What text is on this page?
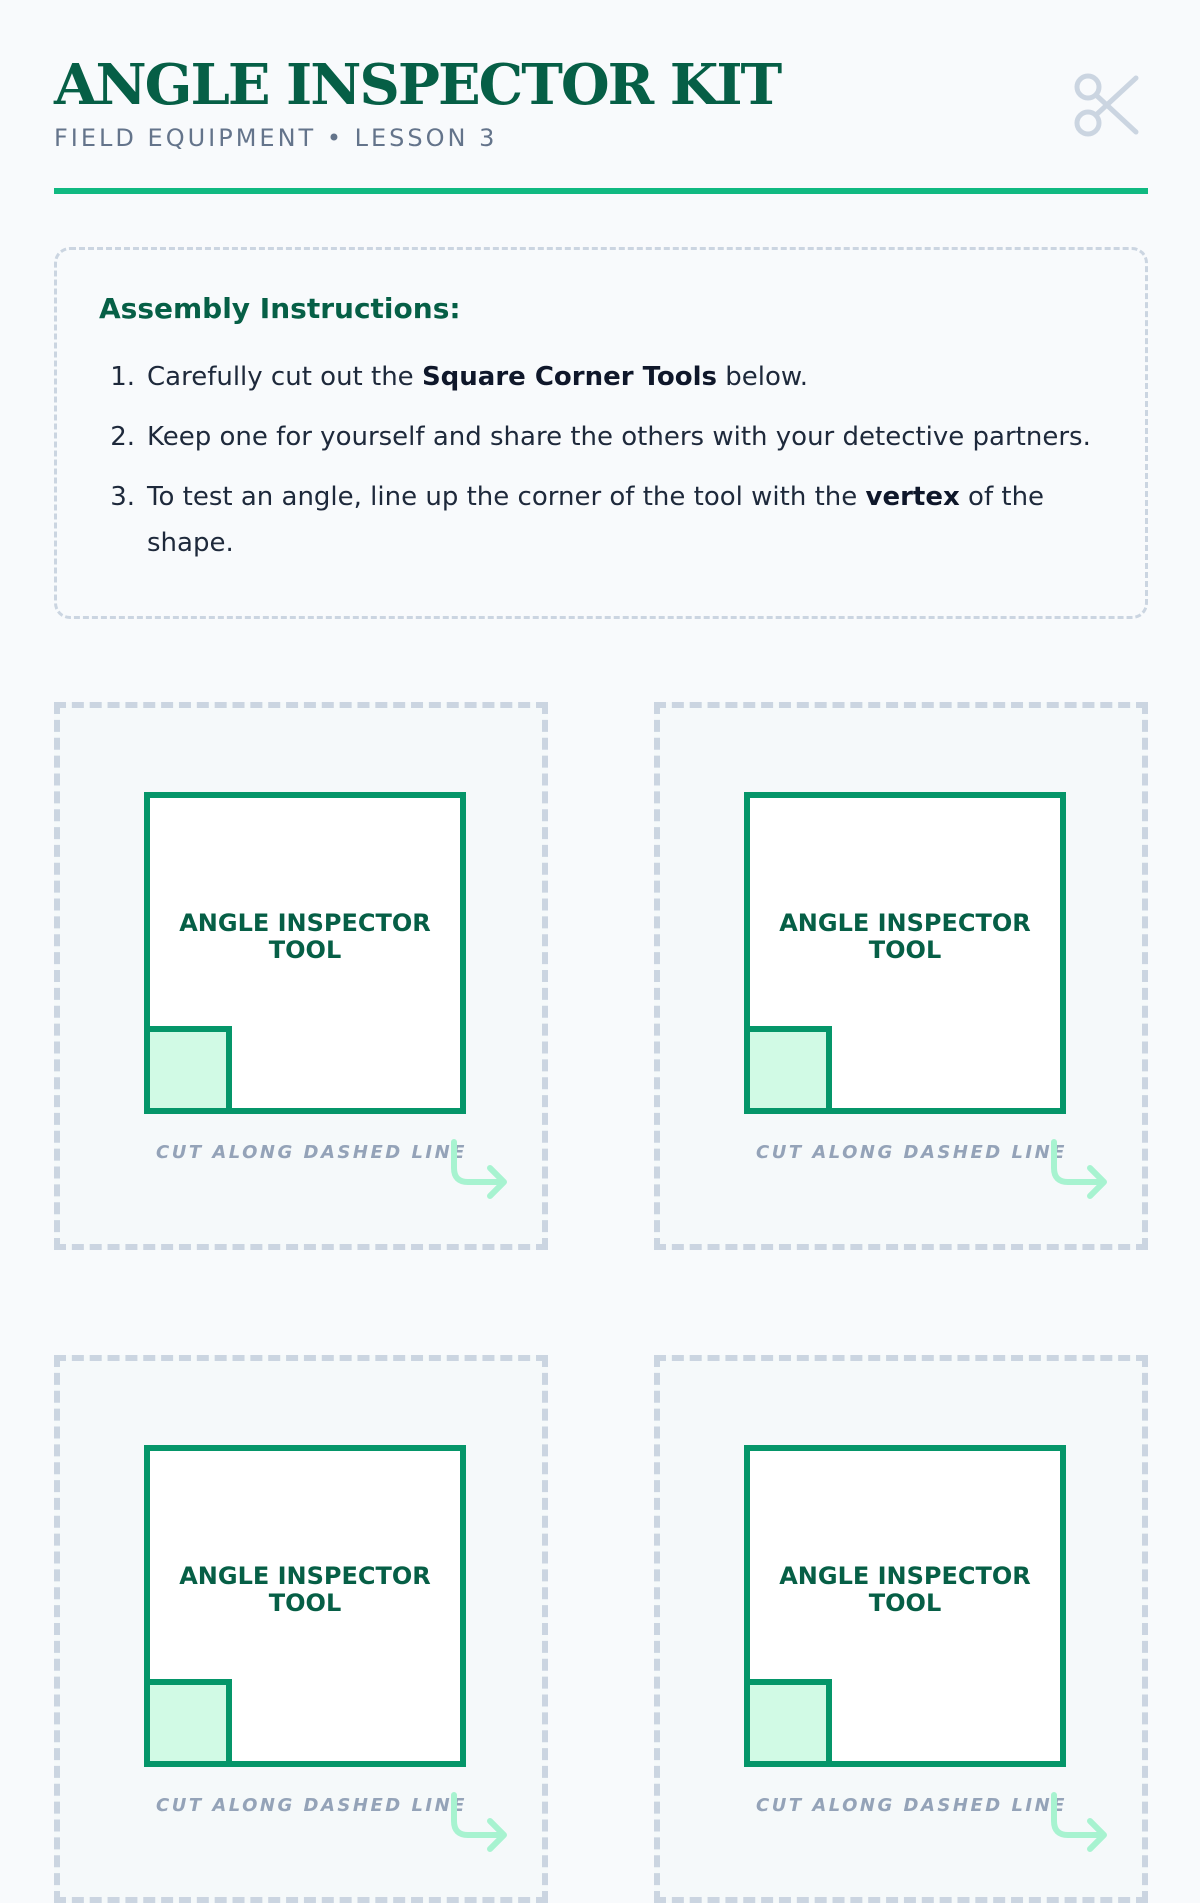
ANGLE INSPECTOR KIT
FIELD EQUIPMENT • LESSON 3
Assembly Instructions:
1. Carefully cut out the Square Corner Tools below.
2. Keep one for yourself and share the others with your detective partners.
3. To test an angle, line up the corner of the tool with the vertex of the shape.
ANGLE INSPECTOR TOOL
CUT ALONG DASHED LINE
ANGLE INSPECTOR TOOL
CUT ALONG DASHED LINE
ANGLE INSPECTOR TOOL
CUT ALONG DASHED LINE
ANGLE INSPECTOR TOOL
CUT ALONG DASHED LINE
